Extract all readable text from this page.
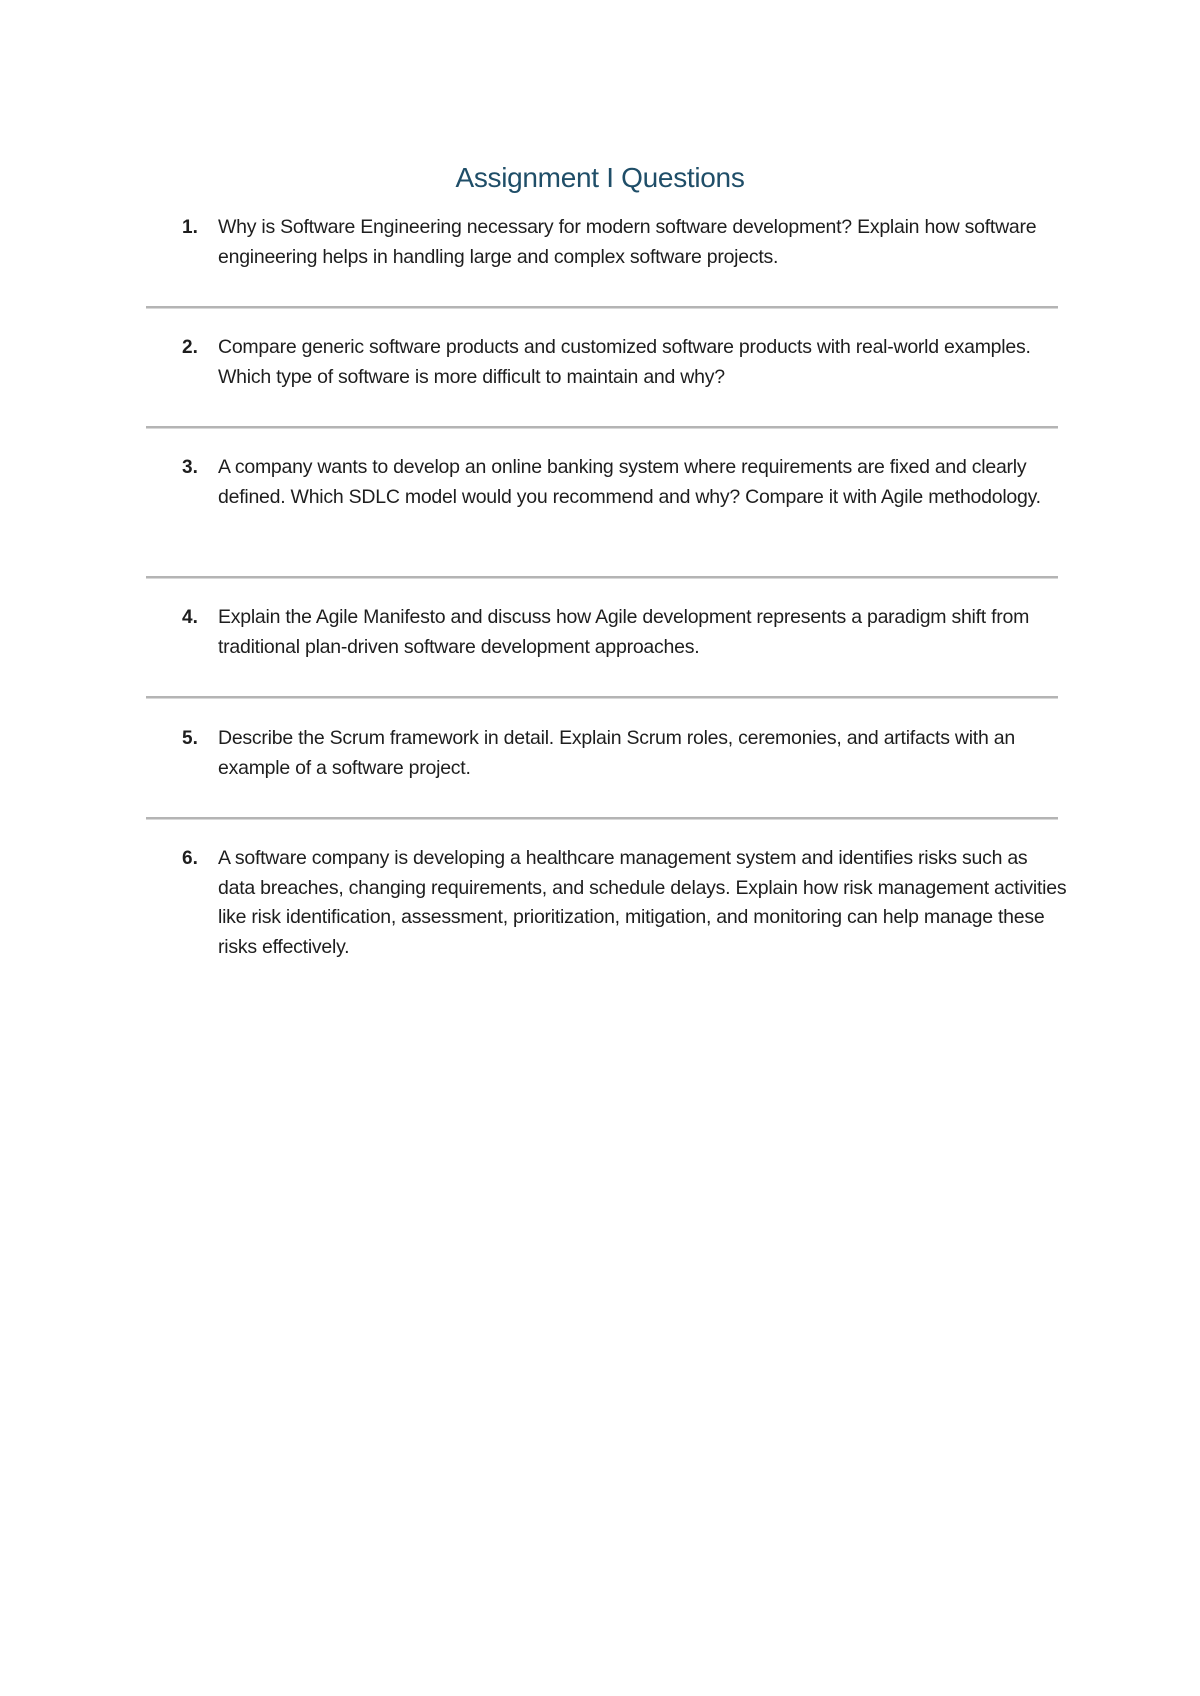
Assignment I Questions
1. Why is Software Engineering necessary for modern software development? Explain how software engineering helps in handling large and complex software projects.
2. Compare generic software products and customized software products with real-world examples. Which type of software is more difficult to maintain and why?
3. A company wants to develop an online banking system where requirements are fixed and clearly defined. Which SDLC model would you recommend and why? Compare it with Agile methodology.
4. Explain the Agile Manifesto and discuss how Agile development represents a paradigm shift from traditional plan-driven software development approaches.
5. Describe the Scrum framework in detail. Explain Scrum roles, ceremonies, and artifacts with an example of a software project.
6. A software company is developing a healthcare management system and identifies risks such as data breaches, changing requirements, and schedule delays. Explain how risk management activities like risk identification, assessment, prioritization, mitigation, and monitoring can help manage these risks effectively.
